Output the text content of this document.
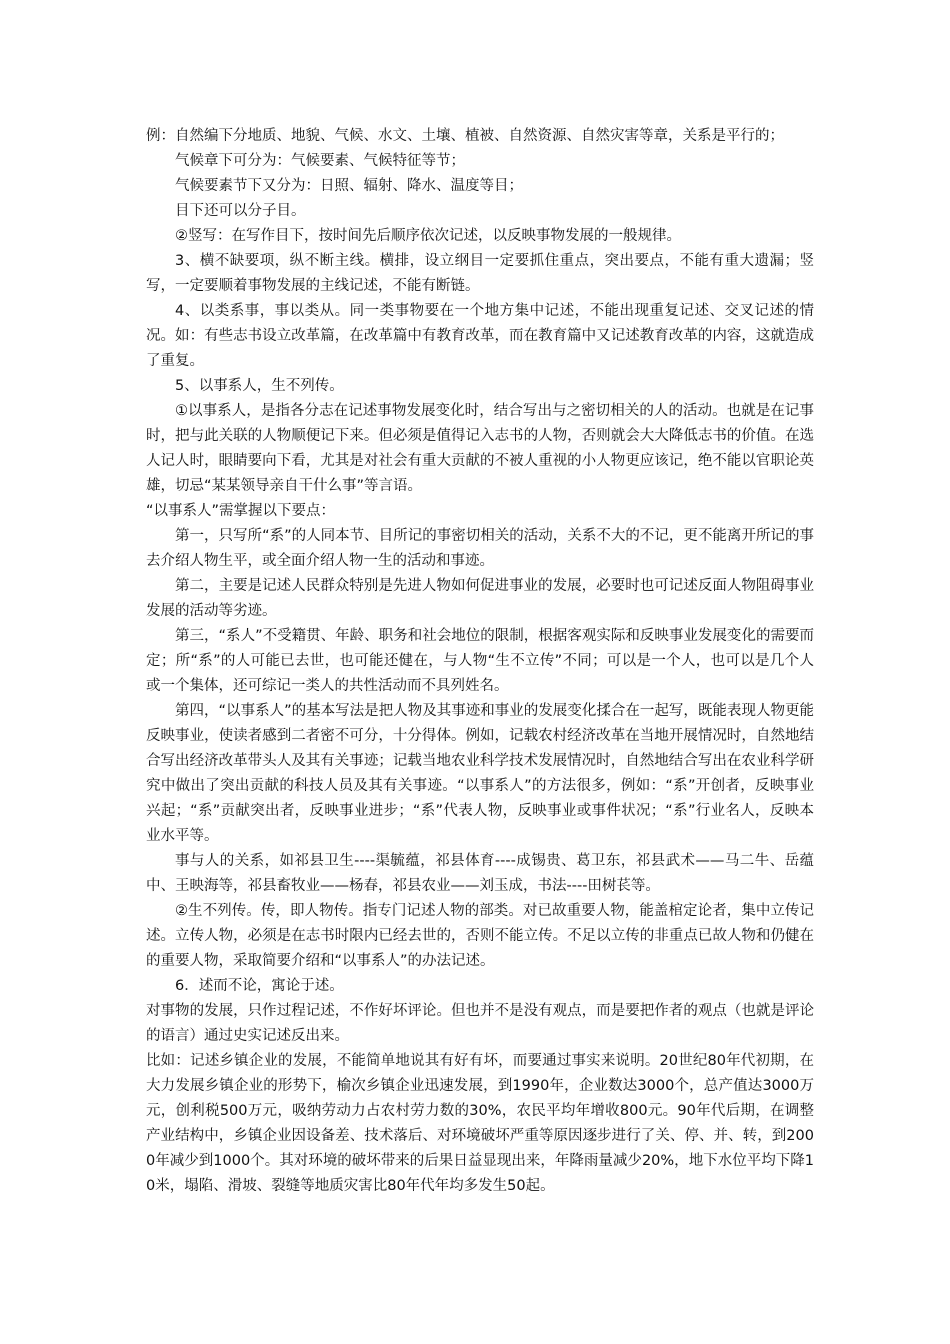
例：自然编下分地质、地貌、气候、水文、土壤、植被、自然资源、自然灾害等章，关系是平行的；

气候章下可分为：气候要素、气候特征等节；

气候要素节下又分为：日照、辐射、降水、温度等目；

目下还可以分子目。

②竖写：在写作目下，按时间先后顺序依次记述，以反映事物发展的一般规律。

3、横不缺要项，纵不断主线。横排，设立纲目一定要抓住重点，突出要点，不能有重大遗漏；竖写，一定要顺着事物发展的主线记述，不能有断链。

4、以类系事，事以类从。同一类事物要在一个地方集中记述，不能出现重复记述、交叉记述的情况。如：有些志书设立改革篇，在改革篇中有教育改革，而在教育篇中又记述教育改革的内容，这就造成了重复。

5、以事系人，生不列传。

①以事系人，是指各分志在记述事物发展变化时，结合写出与之密切相关的人的活动。也就是在记事时，把与此关联的人物顺便记下来。但必须是值得记入志书的人物，否则就会大大降低志书的价值。在选人记人时，眼睛要向下看，尤其是对社会有重大贡献的不被人重视的小人物更应该记，绝不能以官职论英雄，切忌“某某领导亲自干什么事”等言语。

“以事系人”需掌握以下要点：

第一，只写所“系”的人同本节、目所记的事密切相关的活动，关系不大的不记，更不能离开所记的事去介绍人物生平，或全面介绍人物一生的活动和事迹。

第二，主要是记述人民群众特别是先进人物如何促进事业的发展，必要时也可记述反面人物阻碍事业发展的活动等劣迹。

第三，“系人”不受籍贯、年龄、职务和社会地位的限制，根据客观实际和反映事业发展变化的需要而定；所“系”的人可能已去世，也可能还健在，与人物“生不立传”不同；可以是一个人，也可以是几个人或一个集体，还可综记一类人的共性活动而不具列姓名。

第四，“以事系人”的基本写法是把人物及其事迹和事业的发展变化揉合在一起写，既能表现人物更能反映事业，使读者感到二者密不可分，十分得体。例如，记载农村经济改革在当地开展情况时，自然地结合写出经济改革带头人及其有关事迹；记载当地农业科学技术发展情况时，自然地结合写出在农业科学研究中做出了突出贡献的科技人员及其有关事迹。“以事系人”的方法很多，例如：“系”开创者，反映事业兴起；“系”贡献突出者，反映事业进步；“系”代表人物，反映事业或事件状况；“系”行业名人，反映本业水平等。

事与人的关系，如祁县卫生----渠毓蕴，祁县体育----成锡贵、葛卫东，祁县武术——马二牛、岳蕴中、王映海等，祁县畜牧业——杨春，祁县农业——刘玉成，书法----田树苌等。

②生不列传。传，即人物传。指专门记述人物的部类。对已故重要人物，能盖棺定论者，集中立传记述。立传人物，必须是在志书时限内已经去世的，否则不能立传。不足以立传的非重点已故人物和仍健在的重要人物，采取简要介绍和“以事系人”的办法记述。

6．述而不论，寓论于述。

对事物的发展，只作过程记述，不作好坏评论。但也并不是没有观点，而是要把作者的观点（也就是评论的语言）通过史实记述反出来。

比如：记述乡镇企业的发展，不能简单地说其有好有坏，而要通过事实来说明。20世纪80年代初期，在大力发展乡镇企业的形势下，榆次乡镇企业迅速发展，到1990年，企业数达3000个，总产值达3000万元，创利税500万元，吸纳劳动力占农村劳力数的30%，农民平均年增收800元。90年代后期，在调整产业结构中，乡镇企业因设备差、技术落后、对环境破坏严重等原因逐步进行了关、停、并、转，到2000年减少到1000个。其对环境的破坏带来的后果日益显现出来，年降雨量减少20%，地下水位平均下降10米，塌陷、滑坡、裂缝等地质灾害比80年代年均多发生50起。
